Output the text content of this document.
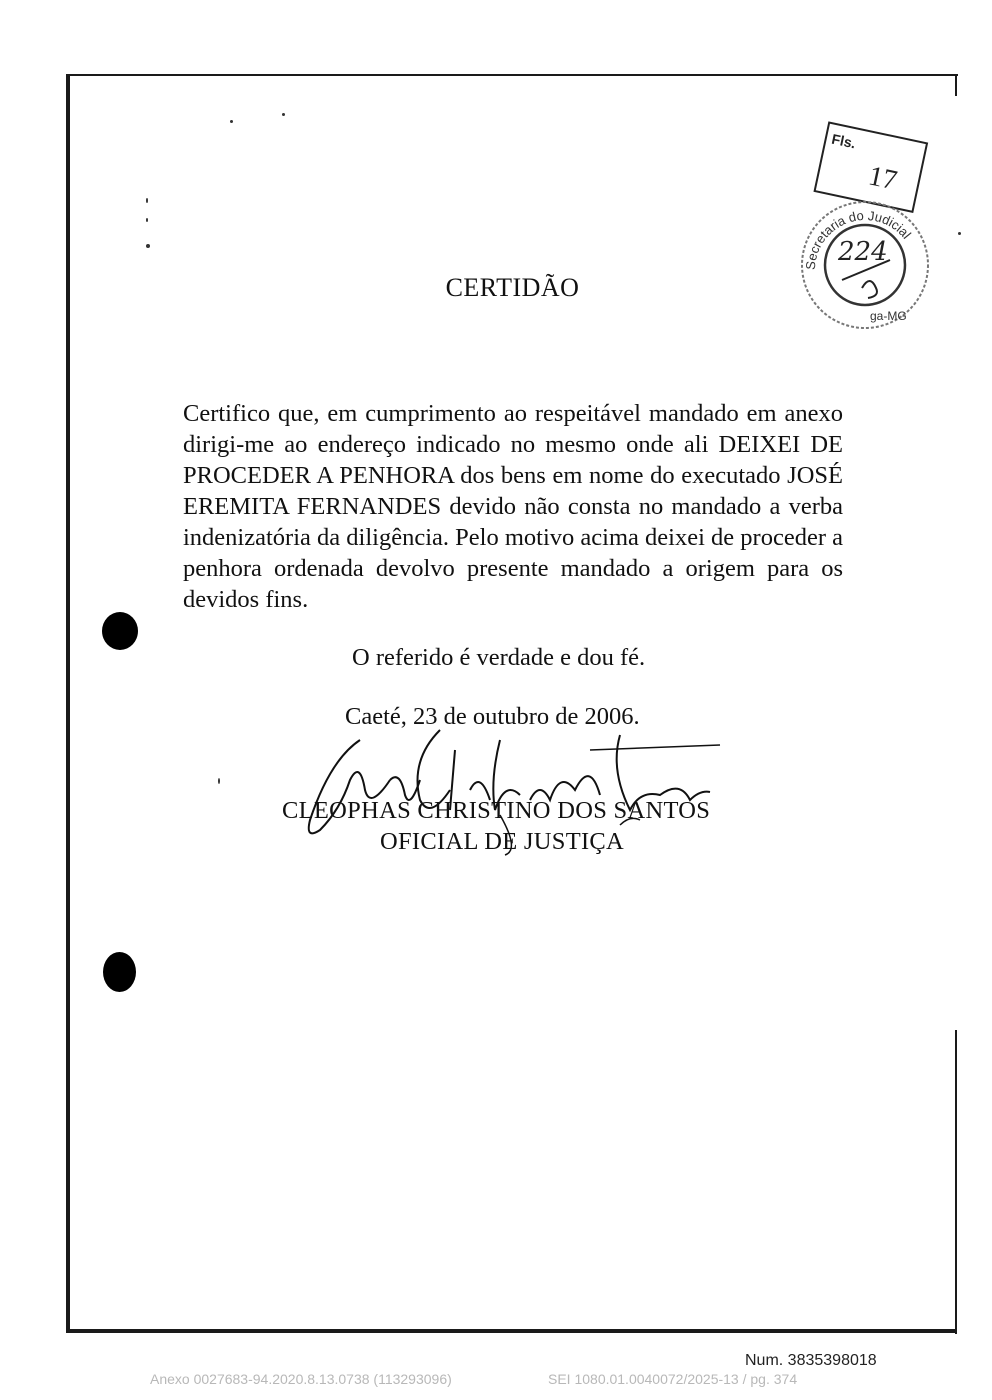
Fls.
17
Secretaria do Judicial
ga-MG
224
CERTIDÃO
Certifico que, em cumprimento ao respeitável mandado em anexo dirigi-me ao endereço indicado no mesmo onde ali DEIXEI DE PROCEDER A PENHORA dos bens em nome do executado JOSÉ EREMITA FERNANDES devido não consta no mandado a verba indenizatória da diligência. Pelo motivo acima deixei de proceder a penhora ordenada devolvo presente mandado a origem para os devidos fins.
O referido é verdade e dou fé.
Caeté, 23 de outubro de 2006.
CLEOPHAS CHRISTINO DOS SANTOS
OFICIAL DE JUSTIÇA
Num. 3835398018
Anexo 0027683-94.2020.8.13.0738 (113293096)	SEI 1080.01.0040072/2025-13 / pg. 374
